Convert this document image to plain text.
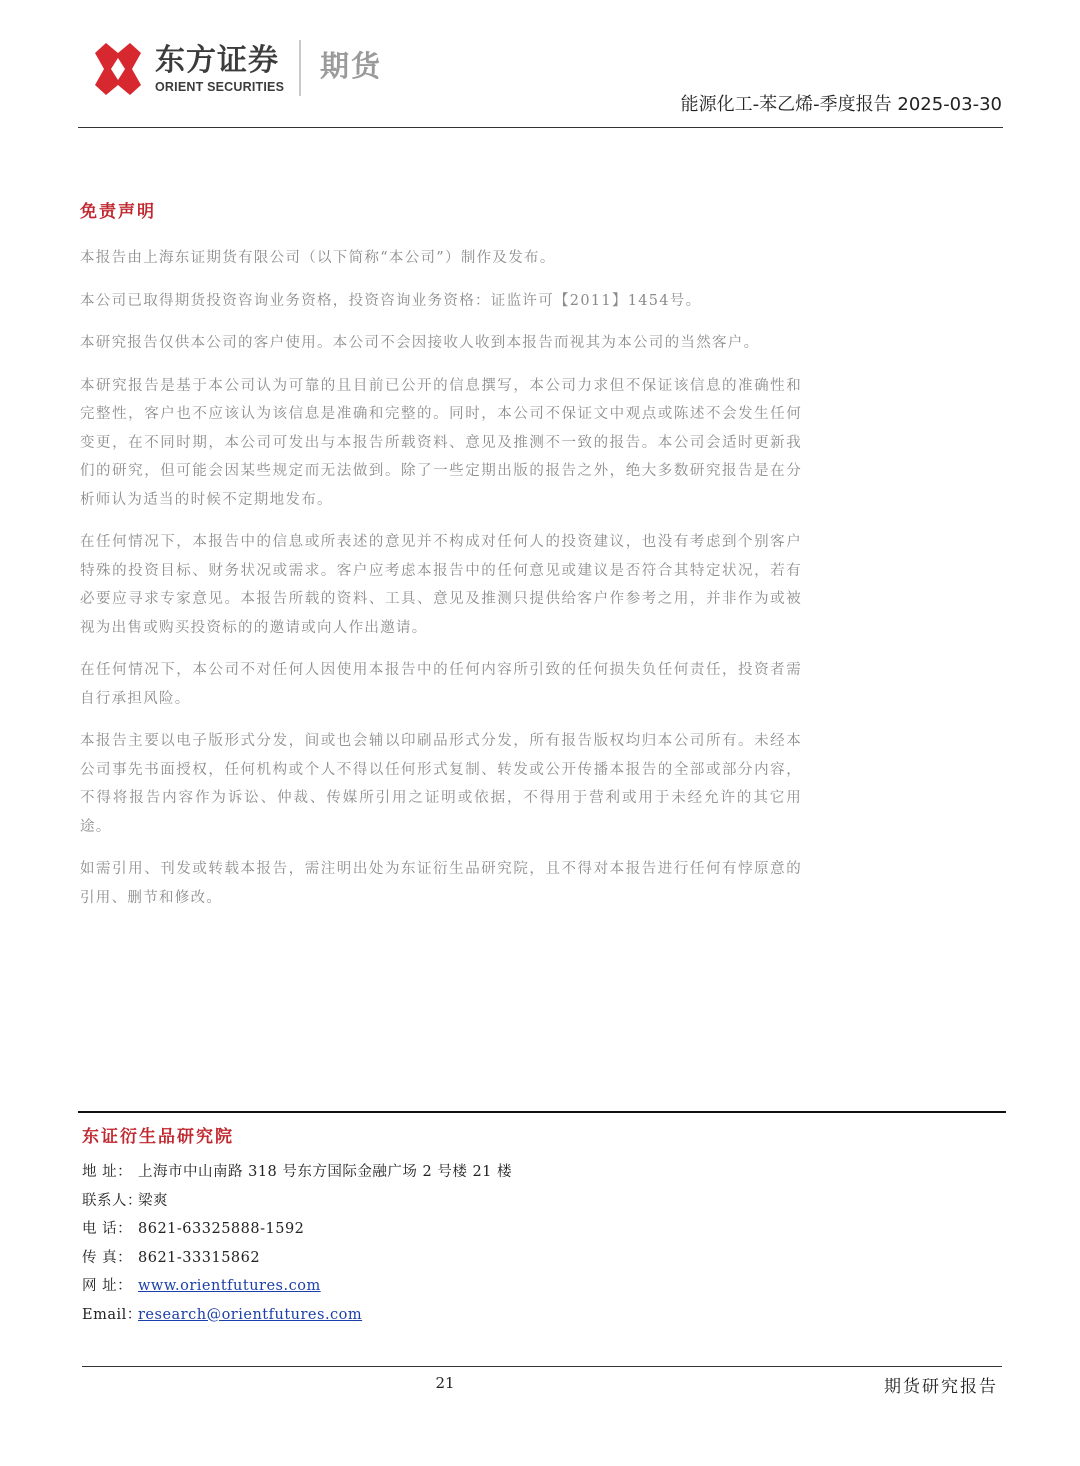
东方证券
ORIENT SECURITIES
期货
能源化工-苯乙烯-季度报告 2025-03-30
免责声明

本报告由上海东证期货有限公司（以下简称“本公司”）制作及发布。

本公司已取得期货投资咨询业务资格，投资咨询业务资格：证监许可【2011】1454号。

本研究报告仅供本公司的客户使用。本公司不会因接收人收到本报告而视其为本公司的当然客户。

本研究报告是基于本公司认为可靠的且目前已公开的信息撰写，本公司力求但不保证该信息的准确性和完整性，客户也不应该认为该信息是准确和完整的。同时，本公司不保证文中观点或陈述不会发生任何变更，在不同时期，本公司可发出与本报告所载资料、意见及推测不一致的报告。本公司会适时更新我们的研究，但可能会因某些规定而无法做到。除了一些定期出版的报告之外，绝大多数研究报告是在分析师认为适当的时候不定期地发布。

在任何情况下，本报告中的信息或所表述的意见并不构成对任何人的投资建议，也没有考虑到个别客户特殊的投资目标、财务状况或需求。客户应考虑本报告中的任何意见或建议是否符合其特定状况，若有必要应寻求专家意见。本报告所载的资料、工具、意见及推测只提供给客户作参考之用，并非作为或被视为出售或购买投资标的的邀请或向人作出邀请。

在任何情况下，本公司不对任何人因使用本报告中的任何内容所引致的任何损失负任何责任，投资者需自行承担风险。

本报告主要以电子版形式分发，间或也会辅以印刷品形式分发，所有报告版权均归本公司所有。未经本公司事先书面授权，任何机构或个人不得以任何形式复制、转发或公开传播本报告的全部或部分内容，不得将报告内容作为诉讼、仲裁、传媒所引用之证明或依据，不得用于营利或用于未经允许的其它用途。

如需引用、刊发或转载本报告，需注明出处为东证衍生品研究院，且不得对本报告进行任何有悖原意的引用、删节和修改。

东证衍生品研究院
地 址： 上海市中山南路 318 号东方国际金融广场 2 号楼 21 楼
联系人：梁爽
电 话： 8621-63325888-1592
传 真： 8621-33315862
网 址： www.orientfutures.com
Email：research@orientfutures.com
21	期货研究报告
